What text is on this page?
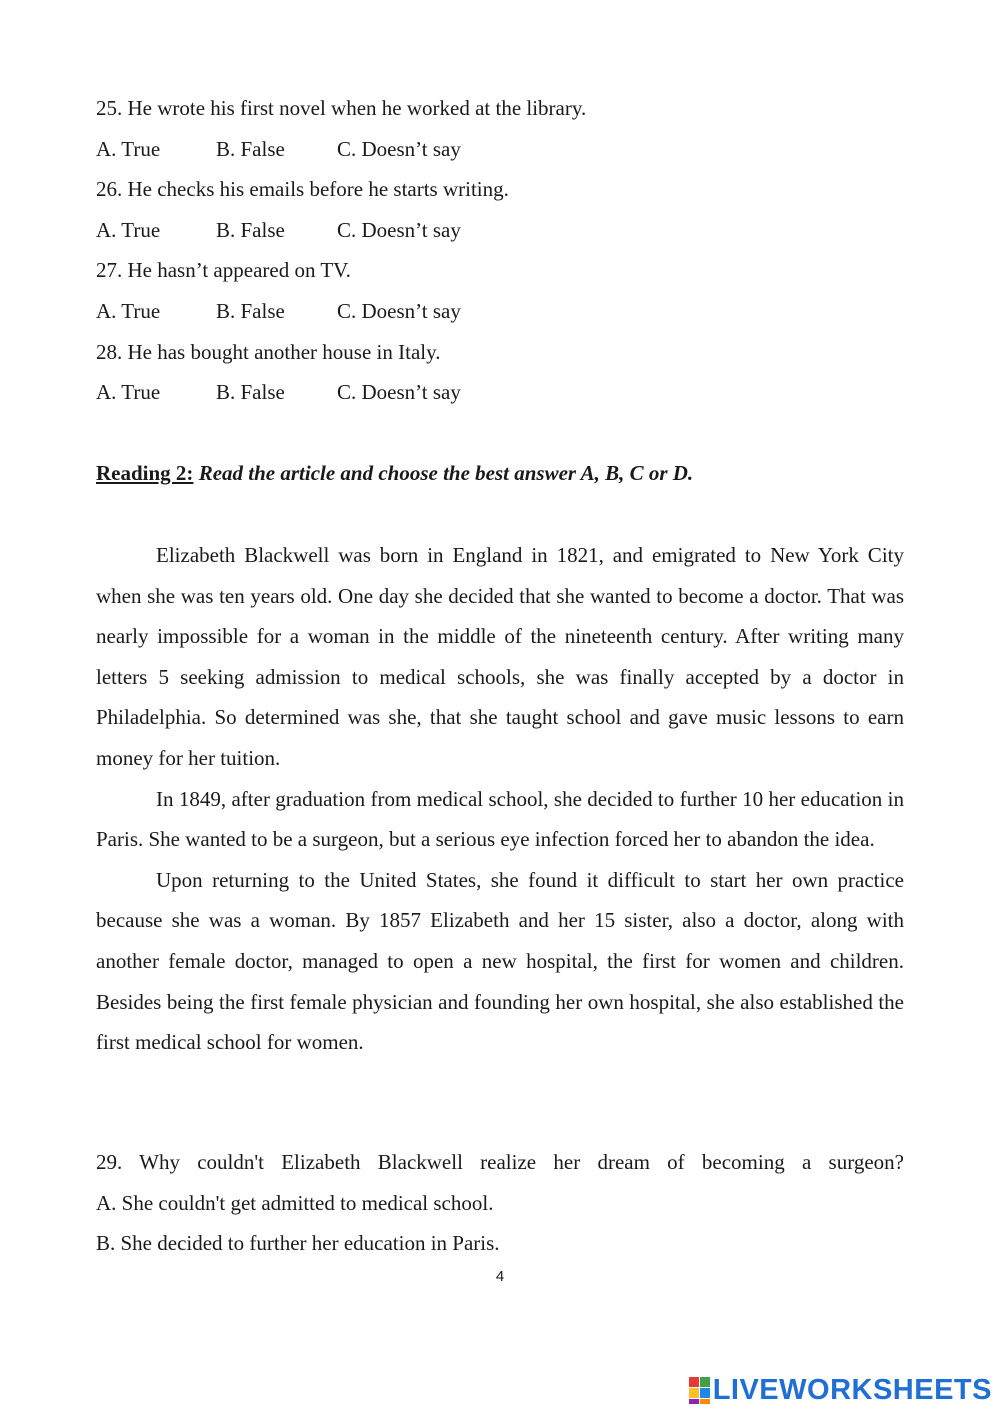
25. He wrote his first novel when he worked at the library.
A. True	B. False C. Doesn’t say
26. He checks his emails before he starts writing.
A. True	B. False C. Doesn’t say
27. He hasn’t appeared on TV.
A. True	B. False C. Doesn’t say
28. He has bought another house in Italy.
A. True	B. False C. Doesn’t say
Reading 2: Read the article and choose the best answer A, B, C or D.

Elizabeth Blackwell was born in England in 1821, and emigrated to New York City when she was ten years old. One day she decided that she wanted to become a doctor. That was nearly impossible for a woman in the middle of the nineteenth century. After writing many letters 5 seeking admission to medical schools, she was finally accepted by a doctor in Philadelphia. So determined was she, that she taught school and gave music lessons to earn money for her tuition.

In 1849, after graduation from medical school, she decided to further 10 her education in Paris. She wanted to be a surgeon, but a serious eye infection forced her to abandon the idea.

Upon returning to the United States, she found it difficult to start her own practice because she was a woman. By 1857 Elizabeth and her 15 sister, also a doctor, along with another female doctor, managed to open a new hospital, the first for women and children. Besides being the first female physician and founding her own hospital, she also established the first medical school for women.

29. Why couldn't Elizabeth Blackwell realize her dream of becoming a surgeon?
A. She couldn't get admitted to medical school.
B. She decided to further her education in Paris.
4
LIVEWORKSHEETS
